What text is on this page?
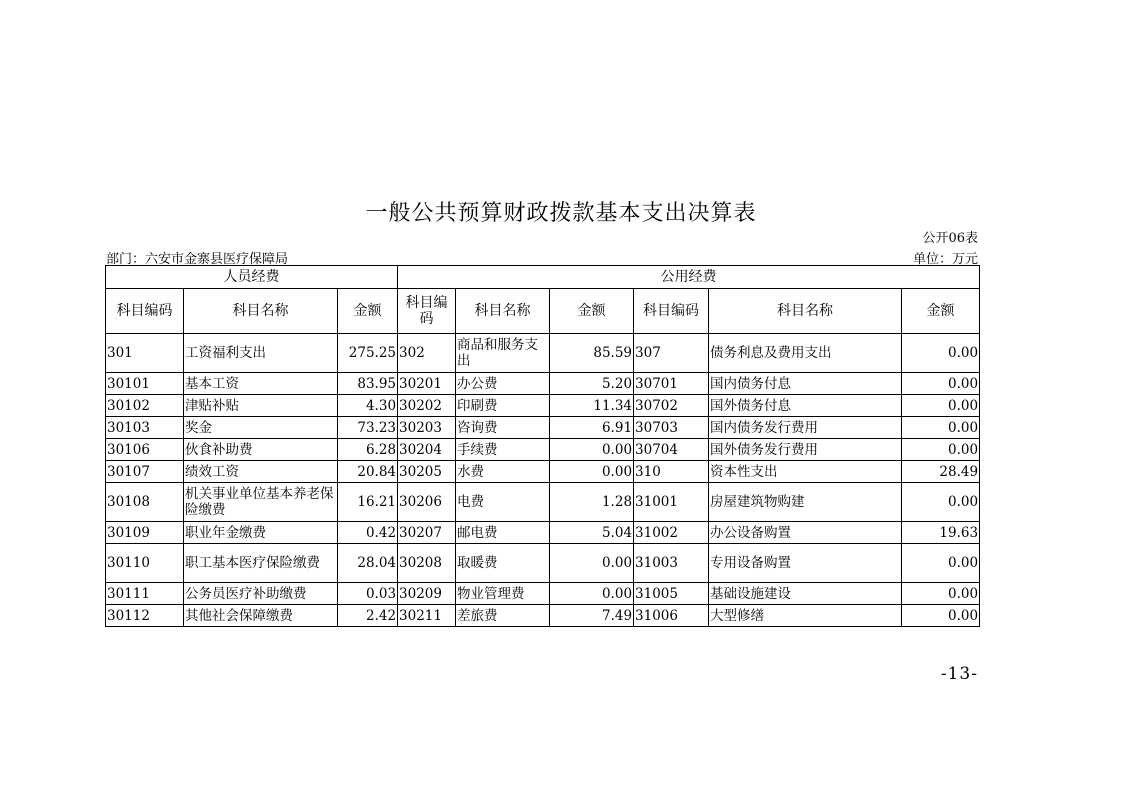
一般公共预算财政拨款基本支出决算表
公开06表
部门：六安市金寨县医疗保障局	单位：万元
人员经费			公用经费					
科目编码	科目名称	金额	科目编码	科目名称	金额	科目编码	科目名称	金额
301	工资福利支出	275.25	302	商品和服务支出	85.59	307	债务利息及费用支出	0.00
30101	基本工资	83.95	30201	办公费	5.20	30701	国内债务付息	0.00
30102	津贴补贴	4.30	30202	印刷费	11.34	30702	国外债务付息	0.00
30103	奖金	73.23	30203	咨询费	6.91	30703	国内债务发行费用	0.00
30106	伙食补助费	6.28	30204	手续费	0.00	30704	国外债务发行费用	0.00
30107	绩效工资	20.84	30205	水费	0.00	310	资本性支出	28.49
30108	机关事业单位基本养老保险缴费	16.21	30206	电费	1.28	31001	房屋建筑物购建	0.00
30109	职业年金缴费	0.42	30207	邮电费	5.04	31002	办公设备购置	19.63
30110	职工基本医疗保险缴费	28.04	30208	取暖费	0.00	31003	专用设备购置	0.00
30111	公务员医疗补助缴费	0.03	30209	物业管理费	0.00	31005	基础设施建设	0.00
30112	其他社会保障缴费	2.42	30211	差旅费	7.49	31006	大型修缮	0.00
-13-
